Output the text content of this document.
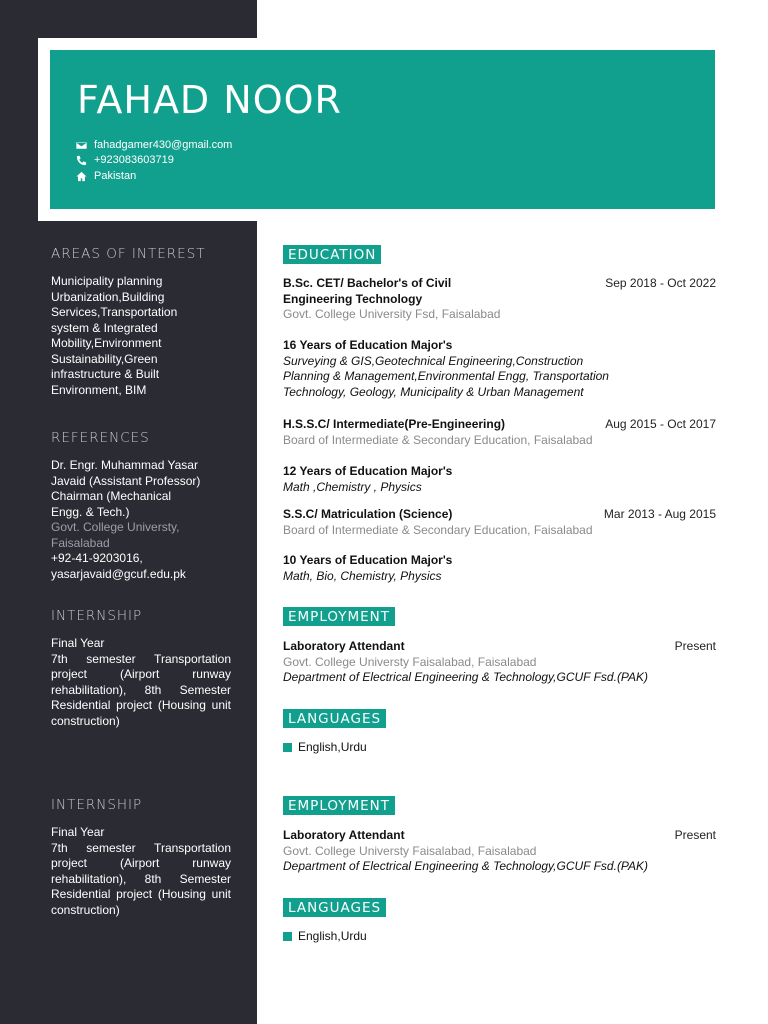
FAHAD NOOR
fahadgamer430@gmail.com
+923083603719
Pakistan
AREAS OF INTEREST
Municipality planning
Urbanization,Building
Services,Transportation
system & Integrated
Mobility,Environment
Sustainability,Green
infrastructure & Built
Environment, BIM
REFERENCES
Dr. Engr. Muhammad Yasar
Javaid (Assistant Professor)
Chairman (Mechanical
Engg. & Tech.)
Govt. College Universty,
Faisalabad
+92-41-9203016,
yasarjavaid@gcuf.edu.pk
INTERNSHIP
Final Year
7th semester Transportation project (Airport runway rehabilitation), 8th Semester Residential project (Housing unit construction)
INTERNSHIP
Final Year
7th semester Transportation project (Airport runway rehabilitation), 8th Semester Residential project (Housing unit construction)
EDUCATION
B.Sc. CET/ Bachelor's of Civil	Sep 2018 - Oct 2022
Engineering Technology
Govt. College University Fsd, Faisalabad
16 Years of Education Major's
Surveying & GIS,Geotechnical Engineering,Construction
Planning & Management,Environmental Engg, Transportation
Technology, Geology, Municipality & Urban Management
H.S.S.C/ Intermediate(Pre-Engineering)	Aug 2015 - Oct 2017
Board of Intermediate & Secondary Education, Faisalabad
12 Years of Education Major's
Math ,Chemistry , Physics
S.S.C/ Matriculation (Science)	Mar 2013 - Aug 2015
Board of Intermediate & Secondary Education, Faisalabad
10 Years of Education Major's
Math, Bio, Chemistry, Physics
EMPLOYMENT
Laboratory Attendant	Present
Govt. College Universty Faisalabad, Faisalabad
Department of Electrical Engineering & Technology,GCUF Fsd.(PAK)
LANGUAGES
English,Urdu
EMPLOYMENT
Laboratory Attendant	Present
Govt. College Universty Faisalabad, Faisalabad
Department of Electrical Engineering & Technology,GCUF Fsd.(PAK)
LANGUAGES
English,Urdu
